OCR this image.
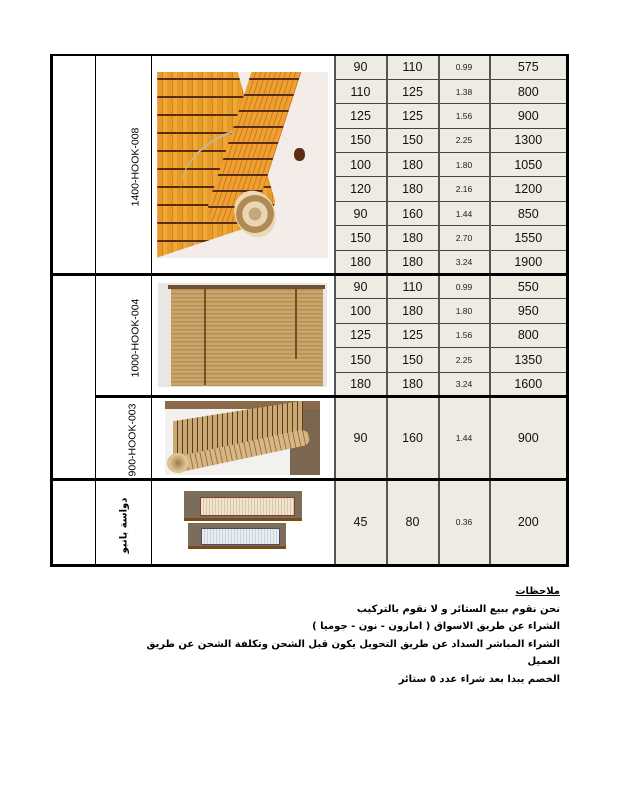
	1400-HOOK-008		90	110	0.99	575
			110	125	1.38	800
			125	125	1.56	900
			150	150	2.25	1300
			100	180	1.80	1050
			120	180	2.16	1200
			90	160	1.44	850
			150	180	2.70	1550
			180	180	3.24	1900
	1000-HOOK-004		90	110	0.99	550
			100	180	1.80	950
			125	125	1.56	800
			150	150	2.25	1350
			180	180	3.24	1600
	900-HOOK-003		90	160	1.44	900
	دواسة بانبو		45	80	0.36	200
ملاحظات
نحن نقوم ببيع الستائر و لا نقوم بالتركيب
الشراء عن طريق الاسواق ( امازون - نون - جوميا )
الشراء المباشر السداد عن طريق التحويل يكون قبل الشحن وتكلفة الشحن عن طريق العميل
الخصم يبدا بعد شراء عدد ٥ ستائر
